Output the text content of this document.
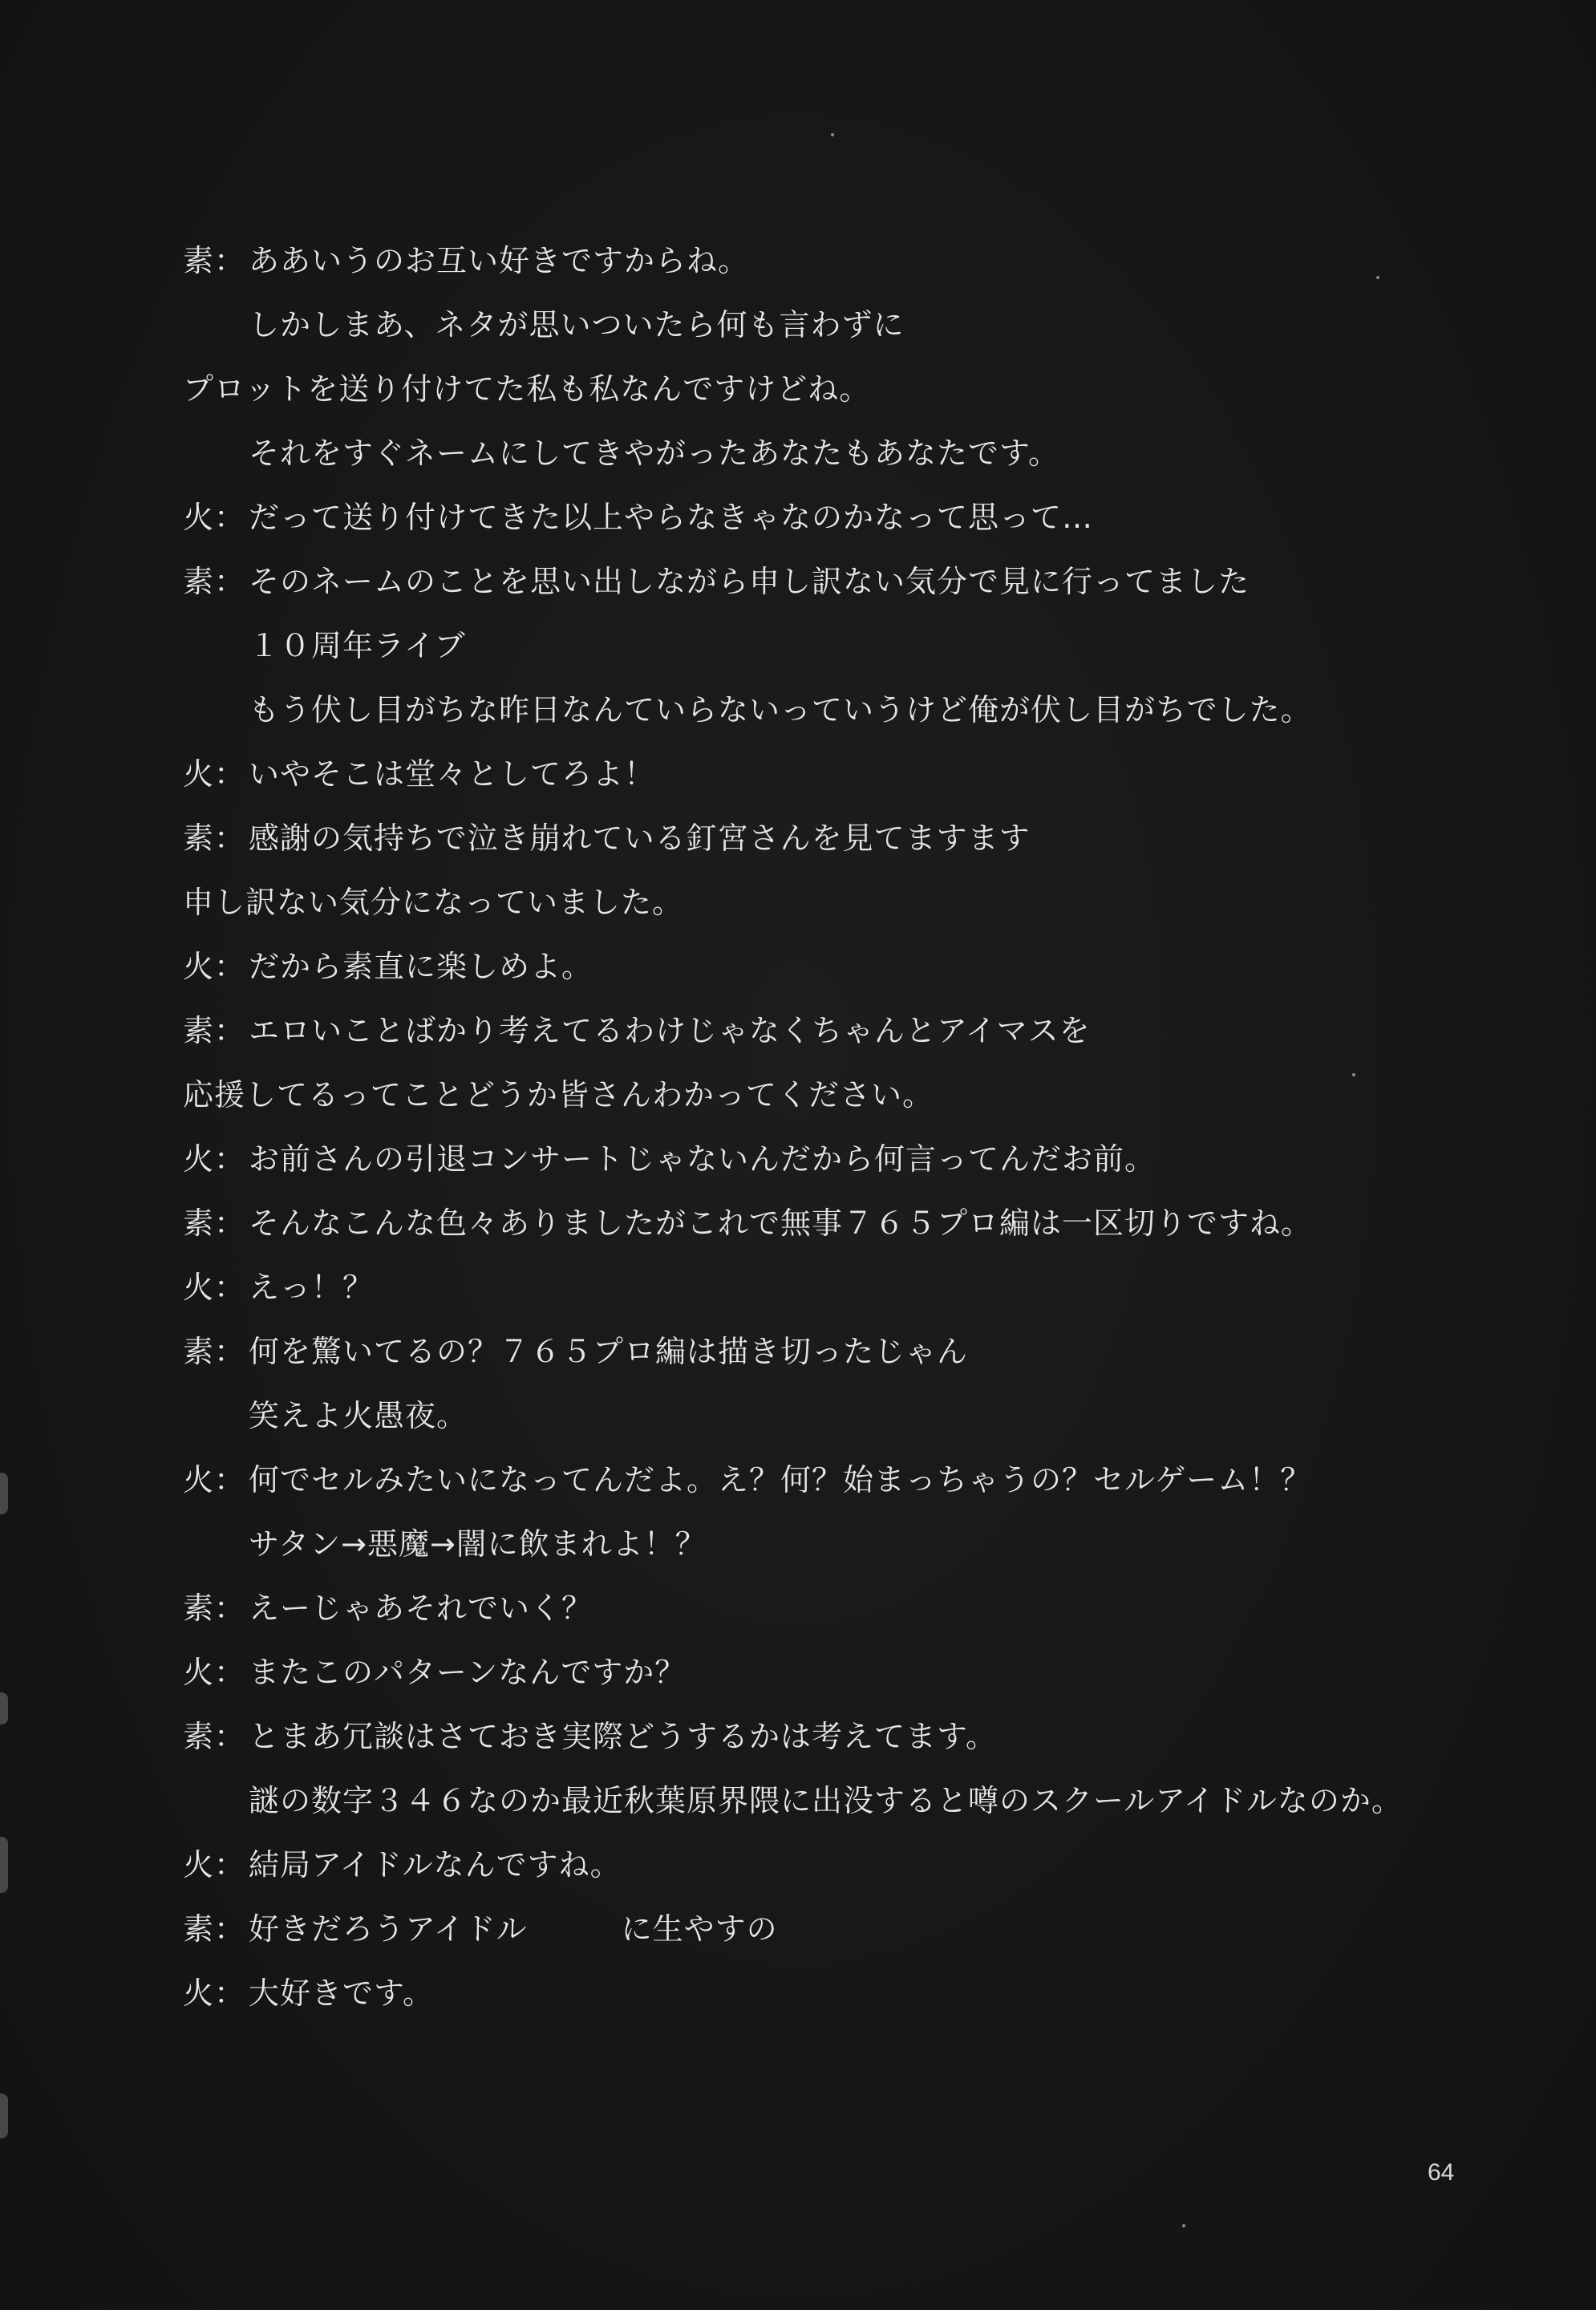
素： ああいうのお互い好きですからね。
しかしまあ、ネタが思いついたら何も言わずに
プロットを送り付けてた私も私なんですけどね。
それをすぐネームにしてきやがったあなたもあなたです。
火： だって送り付けてきた以上やらなきゃなのかなって思って…
素： そのネームのことを思い出しながら申し訳ない気分で見に行ってました
１０周年ライブ
もう伏し目がちな昨日なんていらないっていうけど俺が伏し目がちでした。
火： いやそこは堂々としてろよ！
素： 感謝の気持ちで泣き崩れている釘宮さんを見てますます
申し訳ない気分になっていました。
火： だから素直に楽しめよ。
素： エロいことばかり考えてるわけじゃなくちゃんとアイマスを
応援してるってことどうか皆さんわかってください。
火： お前さんの引退コンサートじゃないんだから何言ってんだお前。
素： そんなこんな色々ありましたがこれで無事７６５プロ編は一区切りですね。
火： えっ！？
素： 何を驚いてるの？７６５プロ編は描き切ったじゃん
笑えよ火愚夜。
火： 何でセルみたいになってんだよ。え？何？始まっちゃうの？セルゲーム！？
サタン→悪魔→闇に飲まれよ！？
素： えーじゃあそれでいく？
火： またこのパターンなんですか？
素： とまあ冗談はさておき実際どうするかは考えてます。
謎の数字３４６なのか最近秋葉原界隈に出没すると噂のスクールアイドルなのか。
火： 結局アイドルなんですね。
素： 好きだろうアイドル　　　に生やすの
火： 大好きです。
64
